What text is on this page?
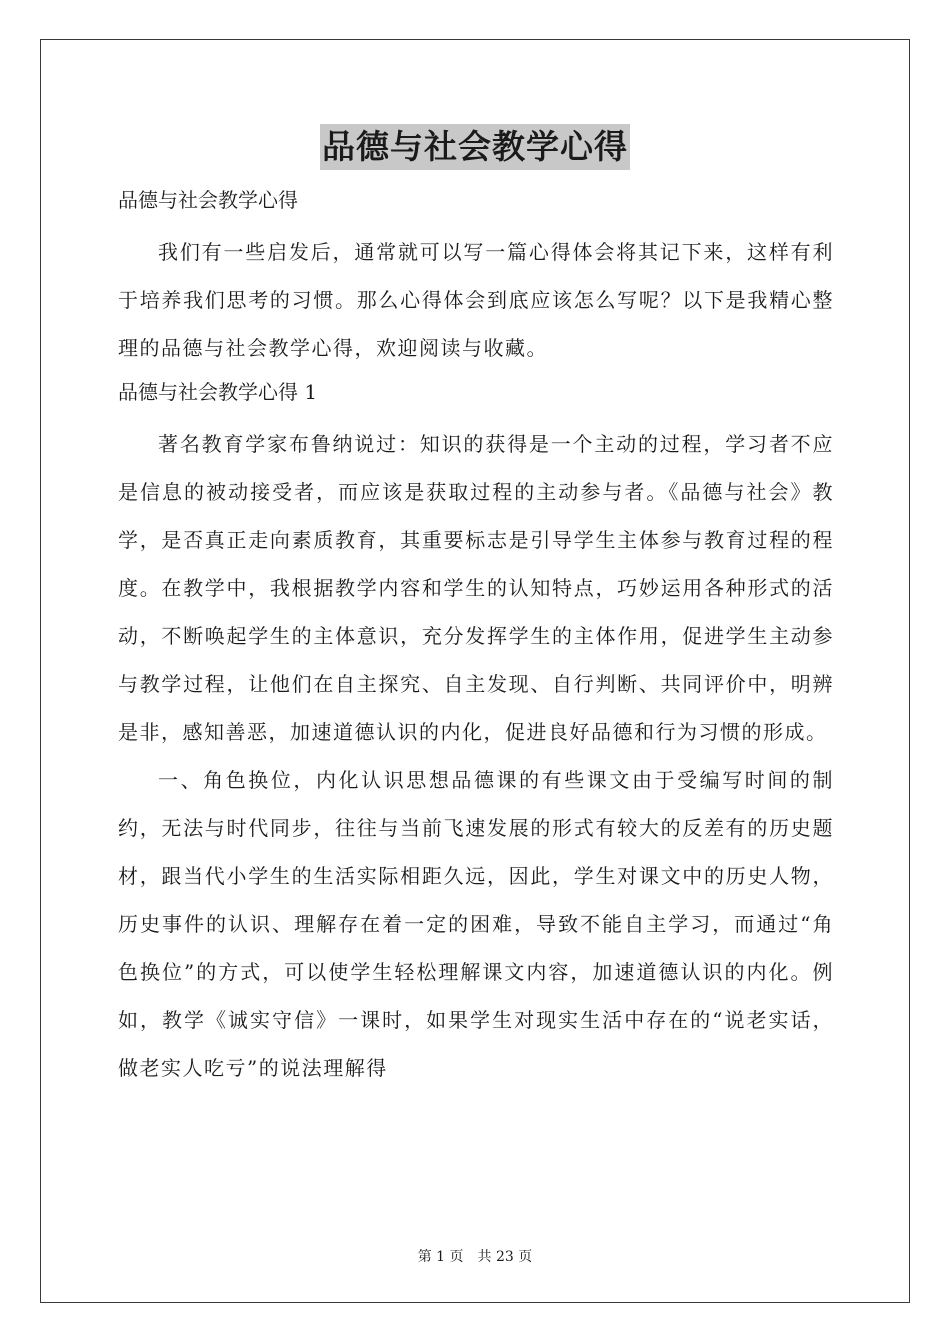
品德与社会教学心得

品德与社会教学心得

我们有一些启发后，通常就可以写一篇心得体会将其记下来，这样有利于培养我们思考的习惯。那么心得体会到底应该怎么写呢？以下是我精心整理的品德与社会教学心得，欢迎阅读与收藏。

品德与社会教学心得 1

著名教育学家布鲁纳说过：知识的获得是一个主动的过程，学习者不应是信息的被动接受者，而应该是获取过程的主动参与者。《品德与社会》教学，是否真正走向素质教育，其重要标志是引导学生主体参与教育过程的程度。在教学中，我根据教学内容和学生的认知特点，巧妙运用各种形式的活动，不断唤起学生的主体意识，充分发挥学生的主体作用，促进学生主动参与教学过程，让他们在自主探究、自主发现、自行判断、共同评价中，明辨是非，感知善恶，加速道德认识的内化，促进良好品德和行为习惯的形成。

一、角色换位，内化认识思想品德课的有些课文由于受编写时间的制约，无法与时代同步，往往与当前飞速发展的形式有较大的反差有的历史题材，跟当代小学生的生活实际相距久远，因此，学生对课文中的历史人物，历史事件的认识、理解存在着一定的困难，导致不能自主学习，而通过“角色换位”的方式，可以使学生轻松理解课文内容，加速道德认识的内化。例如，教学《诚实守信》一课时，如果学生对现实生活中存在的“说老实话，做老实人吃亏”的说法理解得

第 1 页　共 23 页
